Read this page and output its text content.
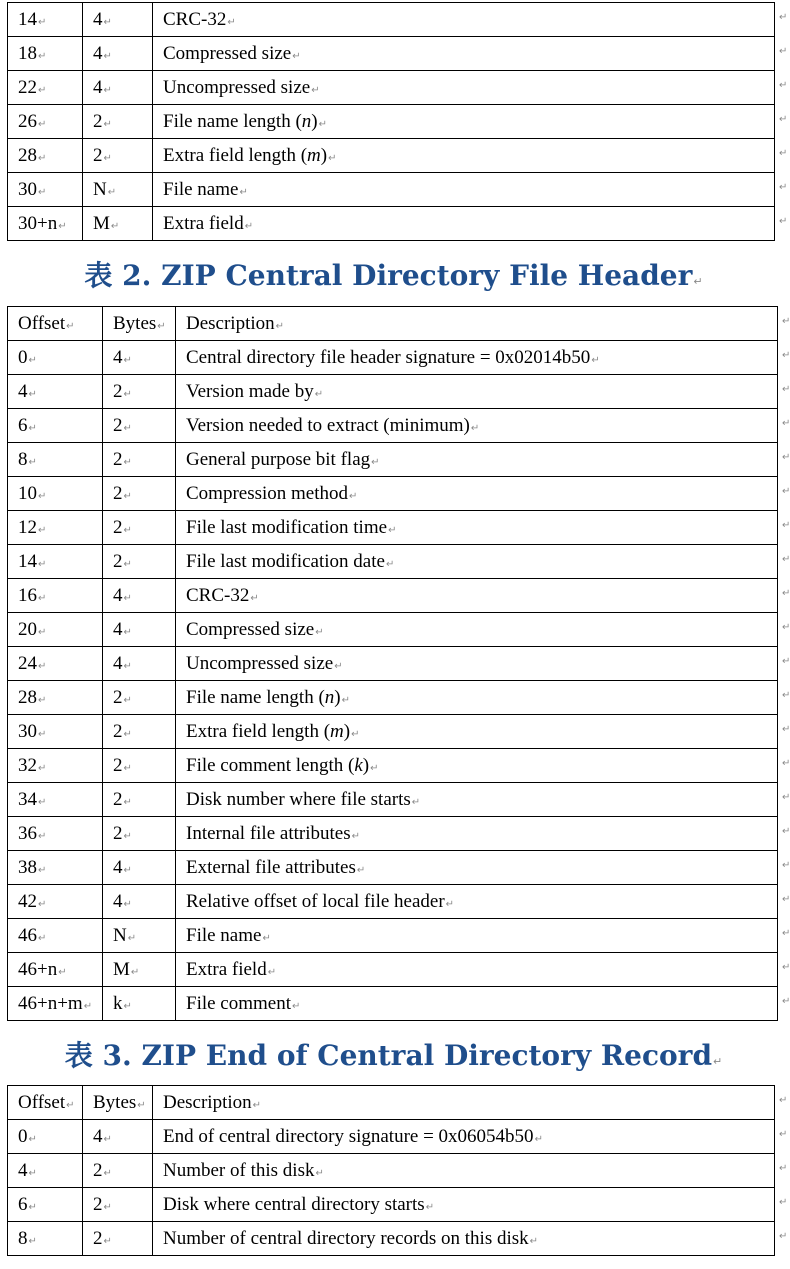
14↵	4↵	CRC-32↵
18↵	4↵	Compressed size↵
22↵	4↵	Uncompressed size↵
26↵	2↵	File name length (n)↵
28↵	2↵	Extra field length (m)↵
30↵	N↵	File name↵
30+n↵	M↵	Extra field↵
表 2. ZIP Central Directory File Header↵
Offset↵	Bytes↵	Description↵
0↵	4↵	Central directory file header signature = 0x02014b50↵
4↵	2↵	Version made by↵
6↵	2↵	Version needed to extract (minimum)↵
8↵	2↵	General purpose bit flag↵
10↵	2↵	Compression method↵
12↵	2↵	File last modification time↵
14↵	2↵	File last modification date↵
16↵	4↵	CRC-32↵
20↵	4↵	Compressed size↵
24↵	4↵	Uncompressed size↵
28↵	2↵	File name length (n)↵
30↵	2↵	Extra field length (m)↵
32↵	2↵	File comment length (k)↵
34↵	2↵	Disk number where file starts↵
36↵	2↵	Internal file attributes↵
38↵	4↵	External file attributes↵
42↵	4↵	Relative offset of local file header↵
46↵	N↵	File name↵
46+n↵	M↵	Extra field↵
46+n+m↵	k↵	File comment↵
表 3. ZIP End of Central Directory Record↵
Offset↵	Bytes↵	Description↵
0↵	4↵	End of central directory signature = 0x06054b50↵
4↵	2↵	Number of this disk↵
6↵	2↵	Disk where central directory starts↵
8↵	2↵	Number of central directory records on this disk↵
↵
↵
↵
↵
↵
↵
↵
↵
↵
↵
↵
↵
↵
↵
↵
↵
↵
↵
↵
↵
↵
↵
↵
↵
↵
↵
↵
↵
↵
↵
↵
↵
↵
